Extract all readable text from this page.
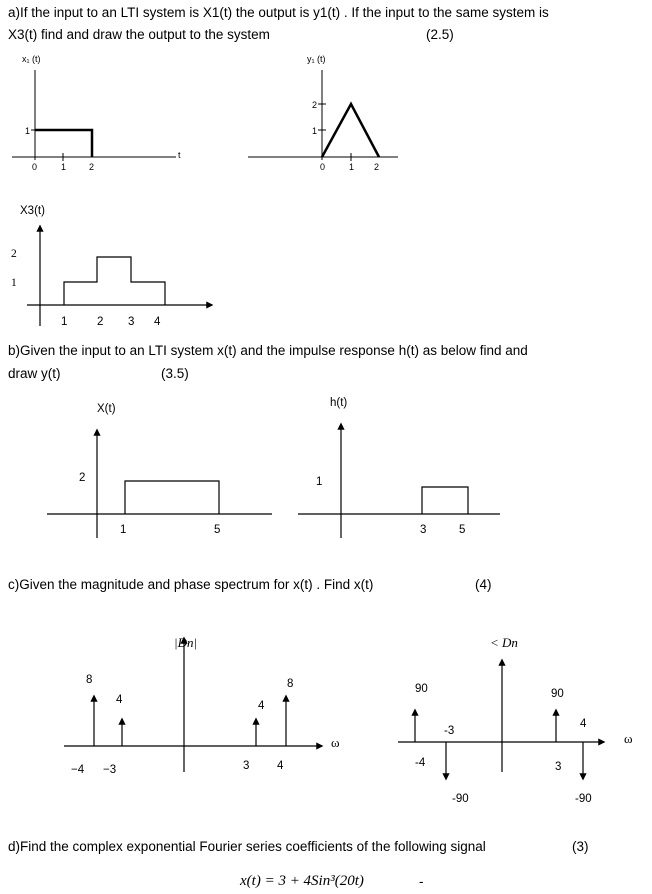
a)If the input to an LTI system is X1(t) the output is y1(t) . If the input to the same system is
X3(t) find and draw the output to the system	(2.5)
x₁ (t)
1
0	1	2
t
y₁ (t)
2
1
0	1 2
X3(t)
2
1
1	2 3 4
b)Given the input to an LTI system x(t) and the impulse response h(t) as below find and
draw y(t)	(3.5)
X(t)
2
1	5
h(t)
1
3	5
c)Given the magnitude and phase spectrum for x(t) . Find x(t)	(4)
|Dn|
8
4	4
8
−4 −3	3 4
ω
< Dn
90
-3
90
4
-4	3
-90	-90
ω
d)Find the complex exponential Fourier series coefficients of the following signal	(3)
x(t) = 3 + 4Sin³(20t)	-
